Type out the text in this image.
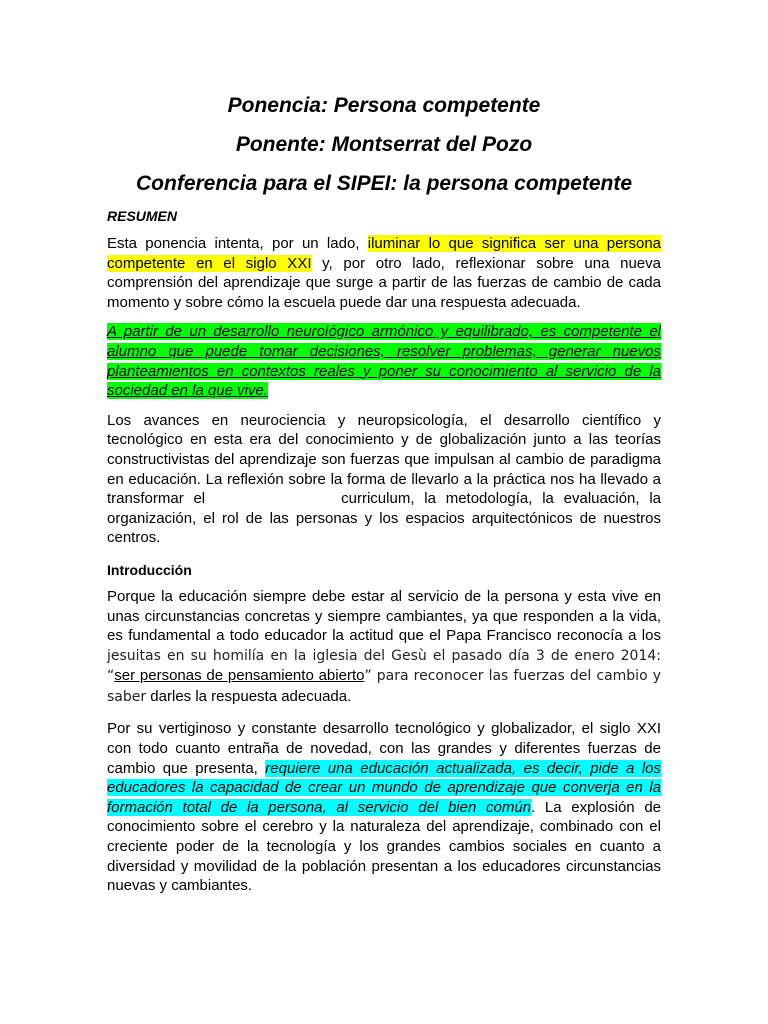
Ponencia: Persona competente
Ponente: Montserrat del Pozo
Conferencia para el SIPEI: la persona competente
RESUMEN

Esta ponencia intenta, por un lado, iluminar lo que significa ser una persona competente en el siglo XXI y, por otro lado, reflexionar sobre una nueva comprensión del aprendizaje que surge a partir de las fuerzas de cambio de cada momento y sobre cómo la escuela puede dar una respuesta adecuada.

A partir de un desarrollo neurológico armónico y equilibrado, es competente el alumno que puede tomar decisiones, resolver problemas, generar nuevos planteamientos en contextos reales y poner su conocimiento al servicio de la sociedad en la que vive.

Los avances en neurociencia y neuropsicología, el desarrollo científico y tecnológico en esta era del conocimiento y de globalización junto a las teorías constructivistas del aprendizaje son fuerzas que impulsan al cambio de paradigma en educación. La reflexión sobre la forma de llevarlo a la práctica nos ha llevado a transformar el	curriculum, la metodología, la evaluación, la organización, el rol de las personas y los espacios arquitectónicos de nuestros centros.

Introducción

Porque la educación siempre debe estar al servicio de la persona y esta vive en unas circunstancias concretas y siempre cambiantes, ya que responden a la vida, es fundamental a todo educador la actitud que el Papa Francisco reconocía a los jesuitas en su homilía en la iglesia del Gesù el pasado día 3 de enero 2014: “ser personas de pensamiento abierto” para reconocer las fuerzas del cambio y saber darles la respuesta adecuada.

Por su vertiginoso y constante desarrollo tecnológico y globalizador, el siglo XXI con todo cuanto entraña de novedad, con las grandes y diferentes fuerzas de cambio que presenta, requiere una educación actualizada, es decir, pide a los educadores la capacidad de crear un mundo de aprendizaje que converja en la formación total de la persona, al servicio del bien común. La explosión de conocimiento sobre el cerebro y la naturaleza del aprendizaje, combinado con el creciente poder de la tecnología y los grandes cambios sociales en cuanto a diversidad y movilidad de la población presentan a los educadores circunstancias nuevas y cambiantes.
